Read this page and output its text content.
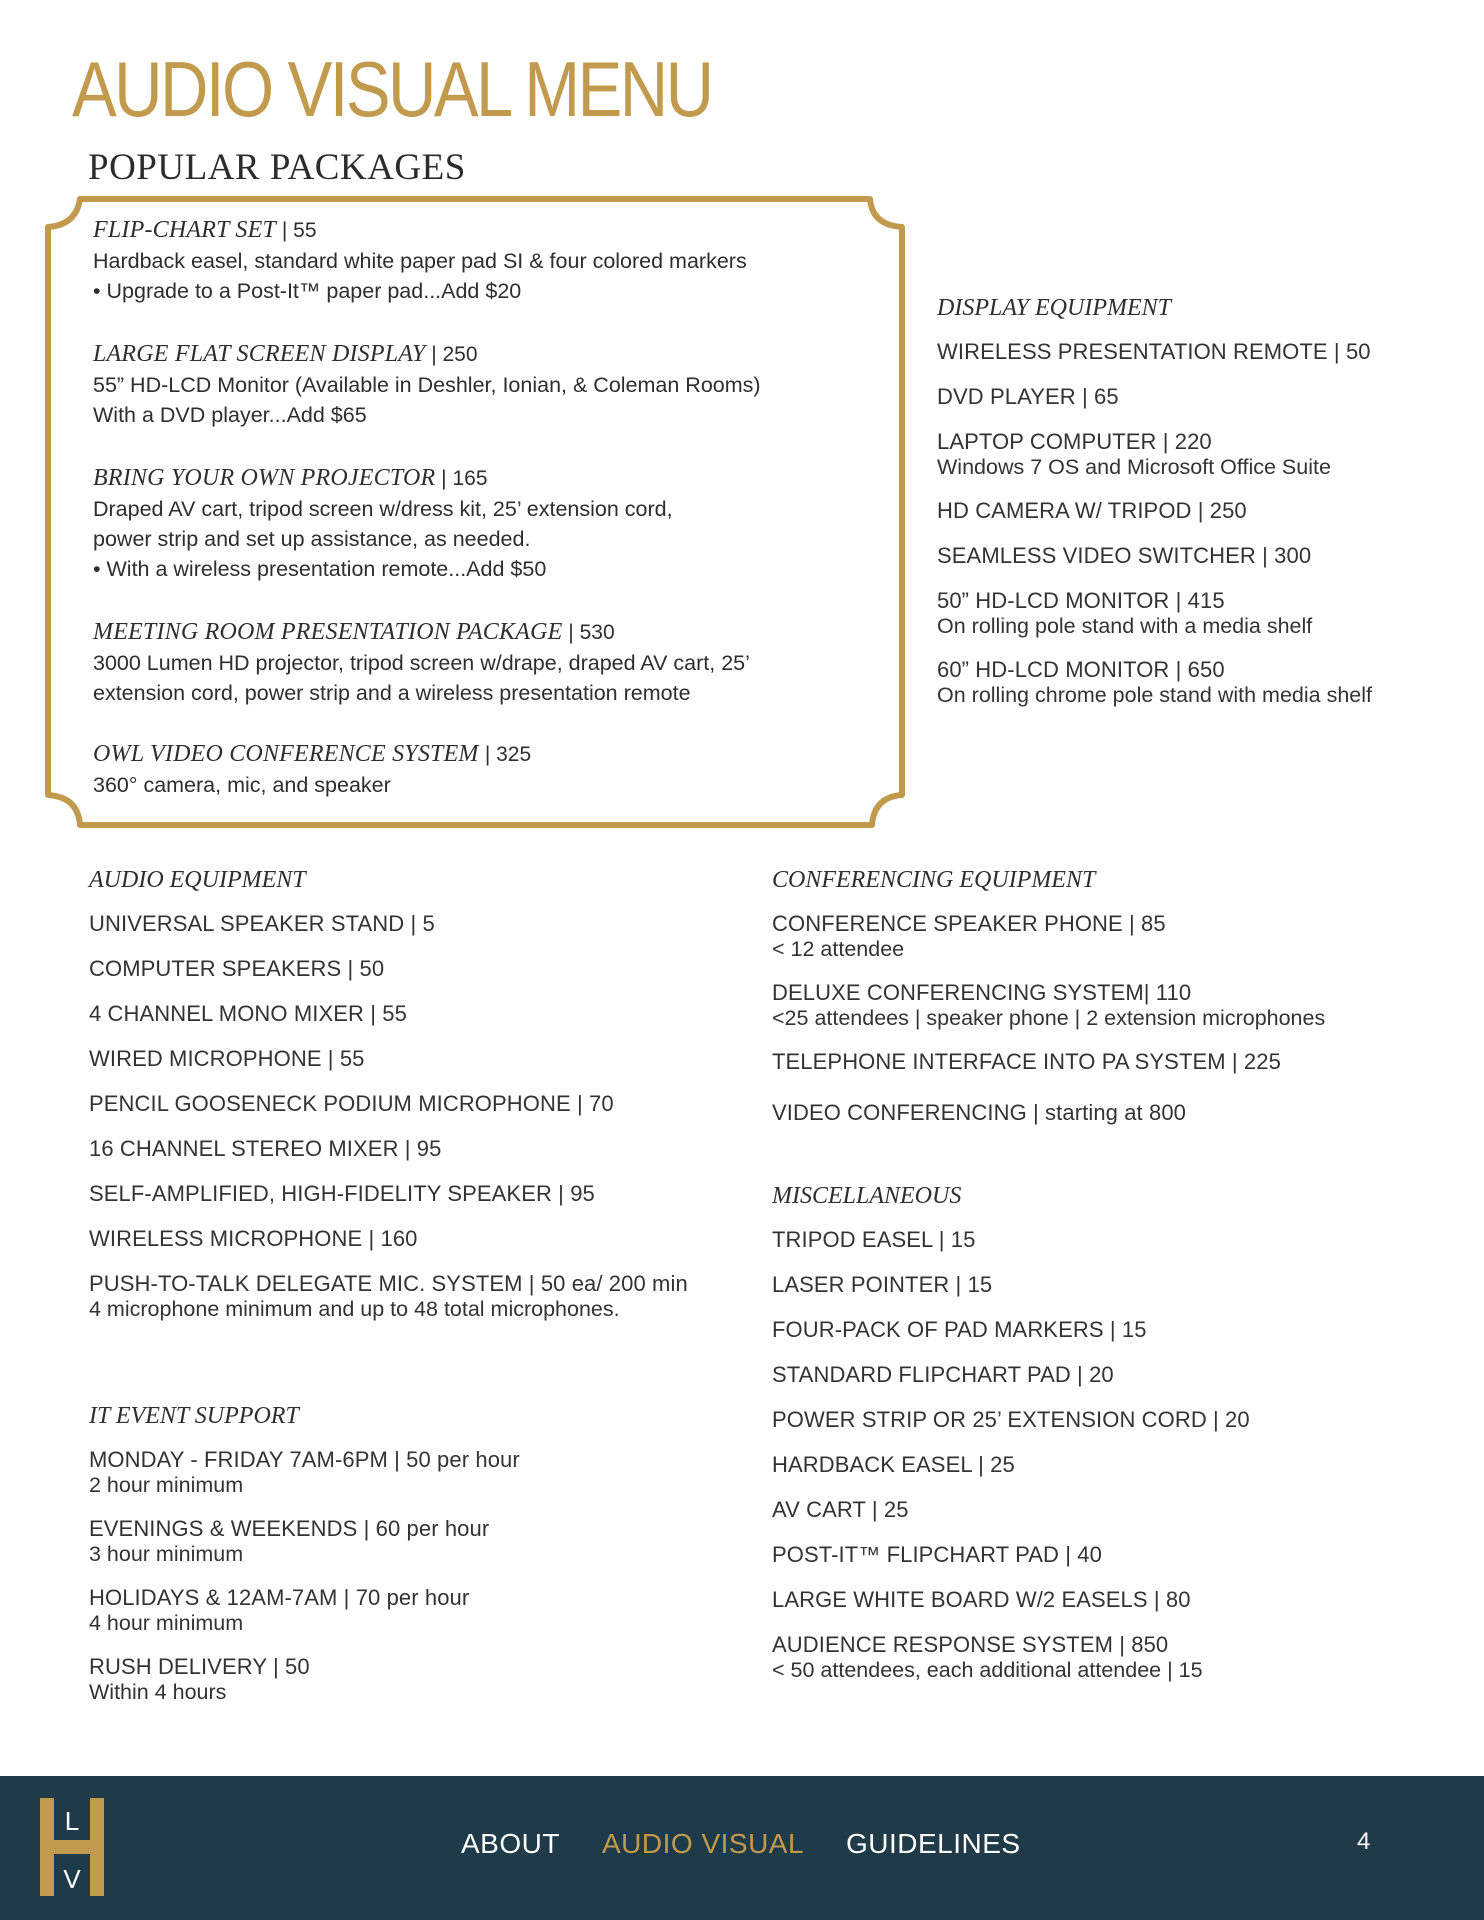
AUDIO VISUAL MENU
POPULAR PACKAGES
FLIP-CHART SET | 55
Hardback easel, standard white paper pad SI & four colored markers
• Upgrade to a Post-It™ paper pad...Add $20
LARGE FLAT SCREEN DISPLAY | 250
55” HD-LCD Monitor (Available in Deshler, Ionian, & Coleman Rooms)
With a DVD player...Add $65
BRING YOUR OWN PROJECTOR | 165
Draped AV cart, tripod screen w/dress kit, 25’ extension cord,
power strip and set up assistance, as needed.
• With a wireless presentation remote...Add $50
MEETING ROOM PRESENTATION PACKAGE | 530
3000 Lumen HD projector, tripod screen w/drape, draped AV cart, 25’
extension cord, power strip and a wireless presentation remote
OWL VIDEO CONFERENCE SYSTEM | 325
360° camera, mic, and speaker
DISPLAY EQUIPMENT
WIRELESS PRESENTATION REMOTE | 50
DVD PLAYER | 65
LAPTOP COMPUTER | 220
Windows 7 OS and Microsoft Office Suite
HD CAMERA W/ TRIPOD | 250
SEAMLESS VIDEO SWITCHER | 300
50” HD-LCD MONITOR | 415
On rolling pole stand with a media shelf
60” HD-LCD MONITOR | 650
On rolling chrome pole stand with media shelf
AUDIO EQUIPMENT
UNIVERSAL SPEAKER STAND | 5
COMPUTER SPEAKERS | 50
4 CHANNEL MONO MIXER | 55
WIRED MICROPHONE | 55
PENCIL GOOSENECK PODIUM MICROPHONE | 70
16 CHANNEL STEREO MIXER | 95
SELF-AMPLIFIED, HIGH-FIDELITY SPEAKER | 95
WIRELESS MICROPHONE | 160
PUSH-TO-TALK DELEGATE MIC. SYSTEM | 50 ea/ 200 min
4 microphone minimum and up to 48 total microphones.
IT EVENT SUPPORT
MONDAY - FRIDAY 7AM-6PM | 50 per hour
2 hour minimum
EVENINGS & WEEKENDS | 60 per hour
3 hour minimum
HOLIDAYS & 12AM-7AM | 70 per hour
4 hour minimum
RUSH DELIVERY | 50
Within 4 hours
CONFERENCING EQUIPMENT
CONFERENCE SPEAKER PHONE | 85
< 12 attendee
DELUXE CONFERENCING SYSTEM| 110
<25 attendees | speaker phone | 2 extension microphones
TELEPHONE INTERFACE INTO PA SYSTEM | 225
VIDEO CONFERENCING | starting at 800
MISCELLANEOUS
TRIPOD EASEL | 15
LASER POINTER | 15
FOUR-PACK OF PAD MARKERS | 15
STANDARD FLIPCHART PAD | 20
POWER STRIP OR 25’ EXTENSION CORD | 20
HARDBACK EASEL | 25
AV CART | 25
POST-IT™ FLIPCHART PAD | 40
LARGE WHITE BOARD W/2 EASELS | 80
AUDIENCE RESPONSE SYSTEM | 850
< 50 attendees, each additional attendee | 15
L
V
ABOUT AUDIO VISUAL GUIDELINES	4
